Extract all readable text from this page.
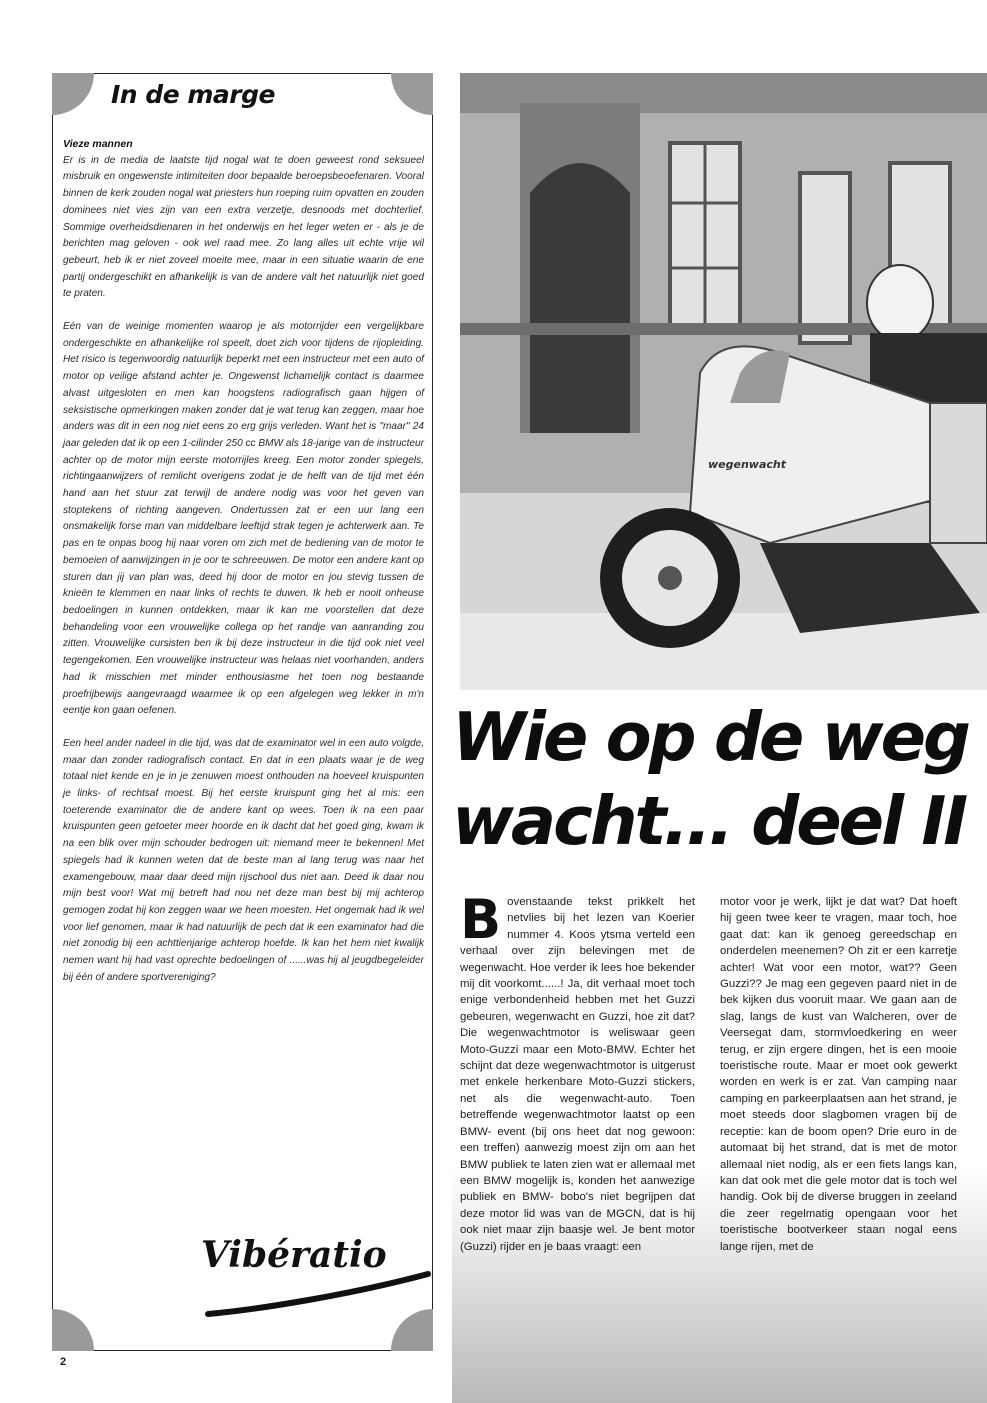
In de marge
Vieze mannen

Er is in de media de laatste tijd nogal wat te doen geweest rond seksueel misbruik en ongewenste intimiteiten door bepaalde beroepsbeoefenaren. Vooral binnen de kerk zouden nogal wat priesters hun roeping ruim opvatten en zouden dominees niet vies zijn van een extra verzetje, desnoods met dochterlief. Sommige overheidsdienaren in het onderwijs en het leger weten er - als je de berichten mag geloven - ook wel raad mee. Zo lang alles uit echte vrije wil gebeurt, heb ik er niet zoveel moeite mee, maar in een situatie waarin de ene partij ondergeschikt en afhankelijk is van de andere valt het natuurlijk niet goed te praten.

Eén van de weinige momenten waarop je als motorrijder een vergelijkbare ondergeschikte en afhankelijke rol speelt, doet zich voor tijdens de rijopleiding. Het risico is tegenwoordig natuurlijk beperkt met een instructeur met een auto of motor op veilige afstand achter je. Ongewenst lichamelijk contact is daarmee alvast uitgesloten en men kan hoogstens radiografisch gaan hijgen of seksistische opmerkingen maken zonder dat je wat terug kan zeggen, maar hoe anders was dit in een nog niet eens zo erg grijs verleden. Want het is "maar" 24 jaar geleden dat ik op een 1-cilinder 250 cc BMW als 18-jarige van de instructeur achter op de motor mijn eerste motorrijles kreeg. Een motor zonder spiegels, richtingaanwijzers of remlicht overigens zodat je de helft van de tijd met één hand aan het stuur zat terwijl de andere nodig was voor het geven van stoptekens of richting aangeven. Ondertussen zat er een uur lang een onsmakelijk forse man van middelbare leeftijd strak tegen je achterwerk aan. Te pas en te onpas boog hij naar voren om zich met de bediening van de motor te bemoeien of aanwijzingen in je oor te schreeuwen. De motor een andere kant op sturen dan jij van plan was, deed hij door de motor en jou stevig tussen de knieën te klemmen en naar links of rechts te duwen. Ik heb er nooit onheuse bedoelingen in kunnen ontdekken, maar ik kan me voorstellen dat deze behandeling voor een vrouwelijke collega op het randje van aanranding zou zitten. Vrouwelijke cursisten ben ik bij deze instructeur in die tijd ook niet veel tegengekomen. Een vrouwelijke instructeur was helaas niet voorhanden, anders had ik misschien met minder enthousiasme het toen nog bestaande proefrijbewijs aangevraagd waarmee ik op een afgelegen weg lekker in m'n eentje kon gaan oefenen.

Een heel ander nadeel in die tijd, was dat de examinator wel in een auto volgde, maar dan zonder radiografisch contact. En dat in een plaats waar je de weg totaal niet kende en je in je zenuwen moest onthouden na hoeveel kruispunten je links- of rechtsaf moest. Bij het eerste kruispunt ging het al mis: een toeterende examinator die de andere kant op wees. Toen ik na een paar kruispunten geen getoeter meer hoorde en ik dacht dat het goed ging, kwam ik na een blik over mijn schouder bedrogen uit: niemand meer te bekennen! Met spiegels had ik kunnen weten dat de beste man al lang terug was naar het examengebouw, maar daar deed mijn rijschool dus niet aan. Deed ik daar nou mijn best voor! Wat mij betreft had nou net deze man best bij mij achterop gemogen zodat hij kon zeggen waar we heen moesten. Het ongemak had ik wel voor lief genomen, maar ik had natuurlijk de pech dat ik een examinator had die niet zonodig bij een achttienjarige achterop hoefde. Ik kan het hem niet kwalijk nemen want hij had vast oprechte bedoelingen of ......was hij al jeugdbegeleider bij één of andere sportvereniging?

Vibératio
2
wegenwacht
Wie op de weg
wacht... deel II
B ovenstaande tekst prikkelt het netvlies bij het lezen van Koerier nummer 4. Koos ytsma verteld een verhaal over zijn belevingen met de wegenwacht. Hoe verder ik lees hoe bekender mij dit voorkomt......! Ja, dit verhaal moet toch enige verbondenheid hebben met het Guzzi gebeuren, wegenwacht en Guzzi, hoe zit dat? Die wegenwachtmotor is weliswaar geen Moto-Guzzi maar een Moto-BMW. Echter het schijnt dat deze wegenwachtmotor is uitgerust met enkele herkenbare Moto-Guzzi stickers, net als die wegenwacht-auto. Toen betreffende wegenwachtmotor laatst op een BMW- event (bij ons heet dat nog gewoon: een treffen) aanwezig moest zijn om aan het BMW publiek te laten zien wat er allemaal met een BMW mogelijk is, konden het aanwezige publiek en BMW- bobo's niet begrijpen dat deze motor lid was van de MGCN, dat is hij ook niet maar zijn baasje wel. Je bent motor (Guzzi) rijder en je baas vraagt: een

motor voor je werk, lijkt je dat wat? Dat hoeft hij geen twee keer te vragen, maar toch, hoe gaat dat: kan ik genoeg gereedschap en onderdelen meenemen? Oh zit er een karretje achter! Wat voor een motor, wat?? Geen Guzzi?? Je mag een gegeven paard niet in de bek kijken dus vooruit maar. We gaan aan de slag, langs de kust van Walcheren, over de Veersegat dam, stormvloedkering en weer terug, er zijn ergere dingen, het is een mooie toeristische route. Maar er moet ook gewerkt worden en werk is er zat. Van camping naar camping en parkeerplaatsen aan het strand, je moet steeds door slagbomen vragen bij de receptie: kan de boom open? Drie euro in de automaat bij het strand, dat is met de motor allemaal niet nodig, als er een fiets langs kan, kan dat ook met die gele motor dat is toch wel handig. Ook bij de diverse bruggen in zeeland die zeer regelmatig opengaan voor het toeristische bootverkeer staan nogal eens lange rijen, met de
